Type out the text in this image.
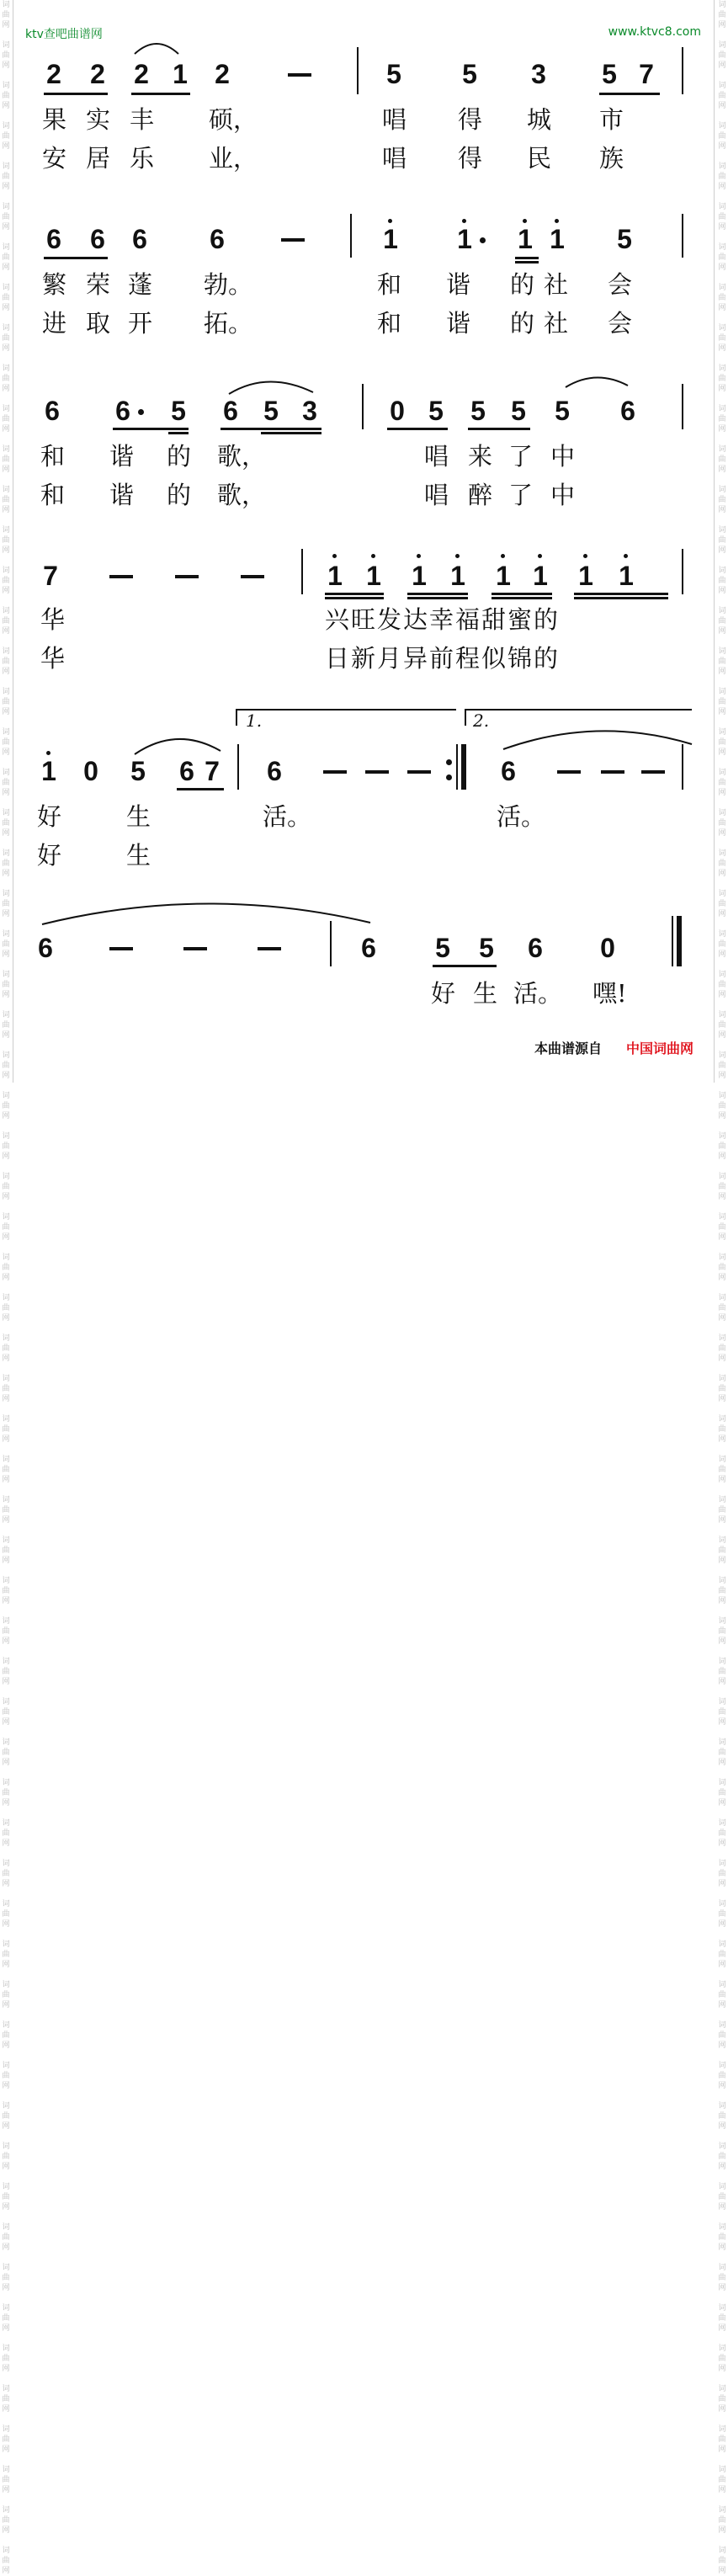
词
曲
网

词
曲
网

词
曲
网

词
曲
网

词
曲
网

词
曲
网

词
曲
网

词
曲
网

词
曲
网

词
曲
网

词
曲
网

词
曲
网

词
曲
网

词
曲
网

词
曲
网

词
曲
网

词
曲
网

词
曲
网

词
曲
网

词
曲
网

词
曲
网

词
曲
网

词
曲
网

词
曲
网

词
曲
网

词
曲
网

词
曲
网

词
曲
网

词
曲
网

词
曲
网

词
曲
网

词
曲
网

词
曲
网

词
曲
网

词
曲
网

词
曲
网

词
曲
网

词
曲
网

词
曲
网

词
曲
网

词
曲
网

词
曲
网

词
曲
网

词
曲
网

词
曲
网

词
曲
网

词
曲
网

词
曲
网

词
曲
网

词
曲
网

词
曲
网

词
曲
网

词
曲
网

词
曲
网

词
曲
网

词
曲
网

词
曲
网

词
曲
网

词
曲
网

词
曲
网

词
曲
网

词
曲
网

词
曲
网

词
曲
网

词
曲
网

词
曲
网

词
曲
网

词
曲
网

词
曲
网

词
曲
网

词
曲
网

词
曲
网

词
曲
网

词
曲
网

词
曲
网

词
曲
网

词
曲
网

词
曲
网

词
曲
网

词
曲
网

词
曲
网

词
曲
网

词
曲
网

词
曲
网

词
曲
网

词
曲
网

词
曲
网

词
曲
网

词
曲
网

词
曲
网

词
曲
网

词
曲
网

词
曲
网

词
曲
网

词
曲
网

词
曲
网

词
曲
网

词
曲
网

词
曲
网

词
曲
网

词
曲
网

词
曲
网

词
曲
网

词
曲
网

词
曲
网

词
曲
网

词
曲
网

词
曲
网

词
曲
网

词
曲
网

词
曲
网

词
曲
网

词
曲
网

词
曲
网

词
曲
网

词
曲
网

词
曲
网

词
曲
网

词
曲
网

词
曲
网

词
曲
网

词
曲
网

词
曲
网

词
曲
网

词
曲
网

词
曲
网

词
曲
网

词
曲
网

ktv查吧曲谱网	www.ktvc8.com
2 2 2 1 2	5 5 3 5 7
果 实 丰 硕，	唱 得 城 市
安 居 乐 业，	唱 得 民 族
6 6 6 6	1 1 1 1 5
繁 荣 蓬 勃。	和 谐 的 社 会
进 取 开 拓。	和 谐 的 社 会
6 6 5 6 5 3	0 5 5 5 5 6
和 谐 的 歌，	唱 来 了 中
和 谐 的 歌，	唱 醉 了 中
7	1 1 1 1 1 1 1 1
华	兴旺发达幸福甜蜜的
华	日新月异前程似锦的
1.	2.
1 0 5 6 7 6	6
好	生	活。	活。
好	生
6	6 5 5 6 0
好 生 活。 嘿!
本曲谱源自 中国词曲网
